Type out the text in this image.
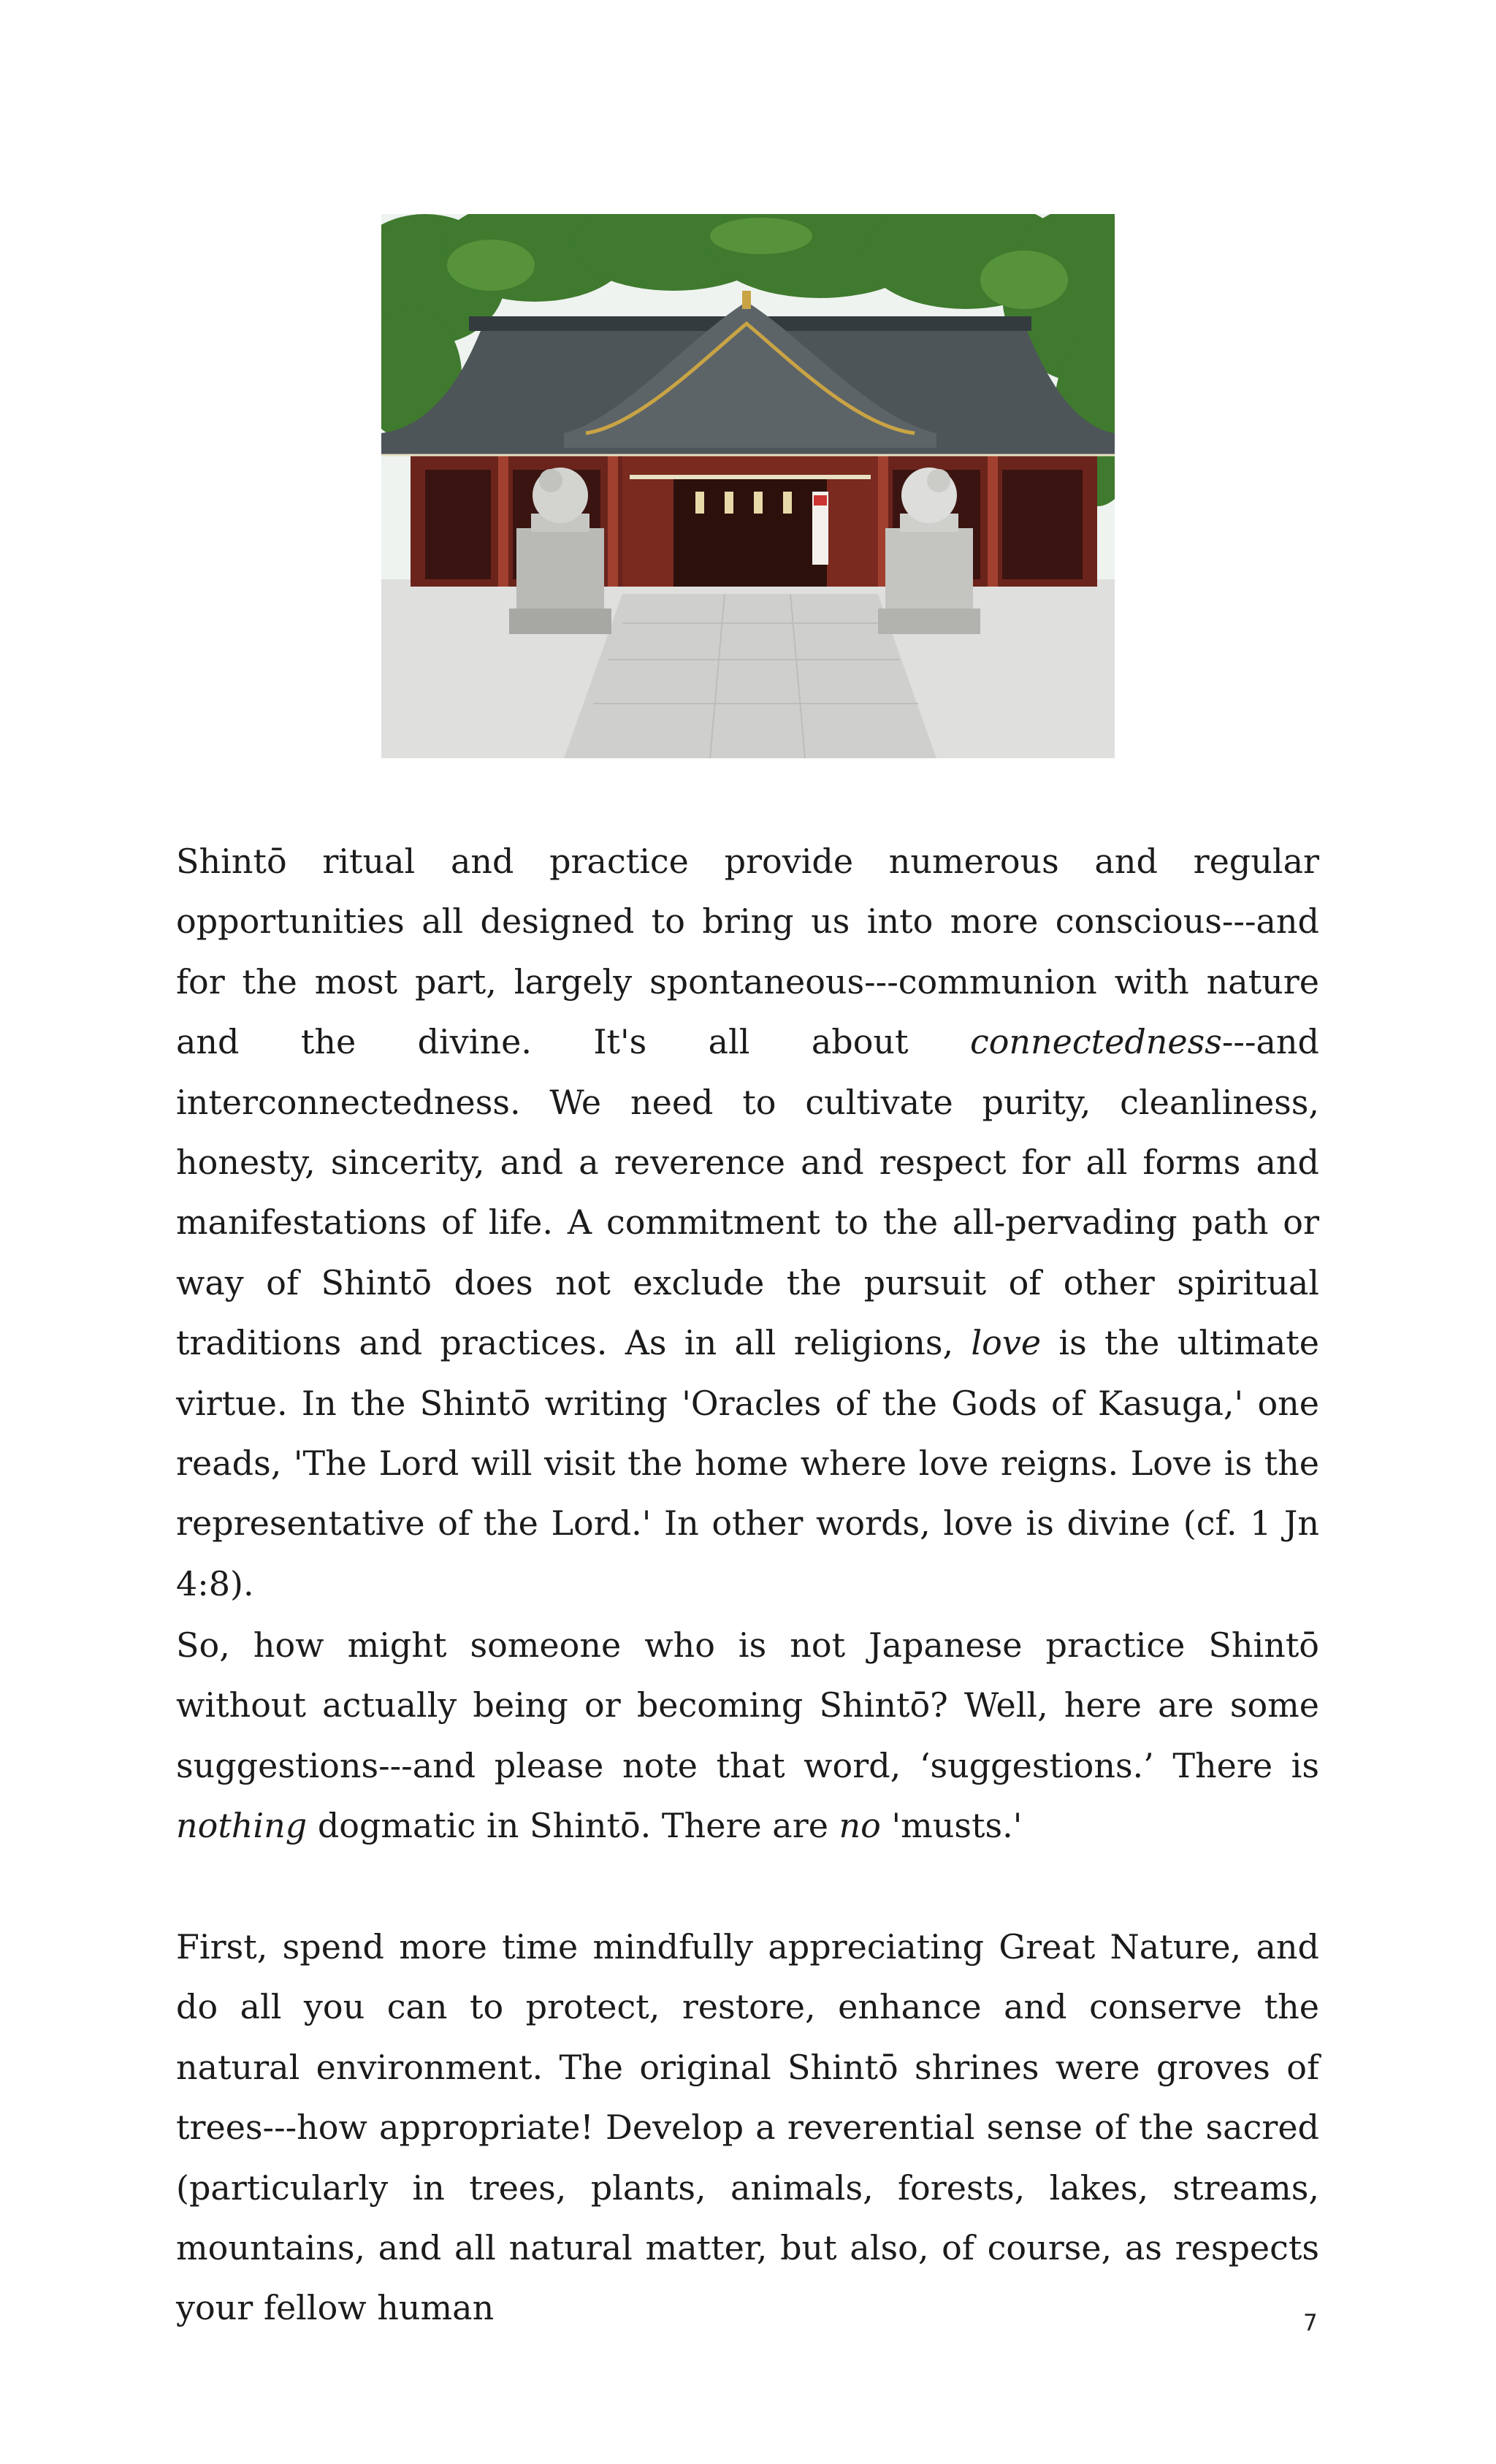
Shintō ritual and practice provide numerous and regular opportunities all designed to bring us into more conscious---and for the most part, largely spontaneous---communion with nature and the divine. It's all about connectedness---and interconnectedness. We need to cultivate purity, cleanliness, honesty, sincerity, and a reverence and respect for all forms and manifestations of life. A commitment to the all-pervading path or way of Shintō does not exclude the pursuit of other spiritual traditions and practices. As in all religions, love is the ultimate virtue. In the Shintō writing 'Oracles of the Gods of Kasuga,' one reads, 'The Lord will visit the home where love reigns. Love is the representative of the Lord.' In other words, love is divine (cf. 1 Jn 4:8).

So, how might someone who is not Japanese practice Shintō without actually being or becoming Shintō? Well, here are some suggestions---and please note that word, ‘suggestions.’ There is nothing dogmatic in Shintō. There are no 'musts.'

First, spend more time mindfully appreciating Great Nature, and do all you can to protect, restore, enhance and conserve the natural environment. The original Shintō shrines were groves of trees---how appropriate! Develop a reverential sense of the sacred (particularly in trees, plants, animals, forests, lakes, streams, mountains, and all natural matter, but also, of course, as respects your fellow human	7
